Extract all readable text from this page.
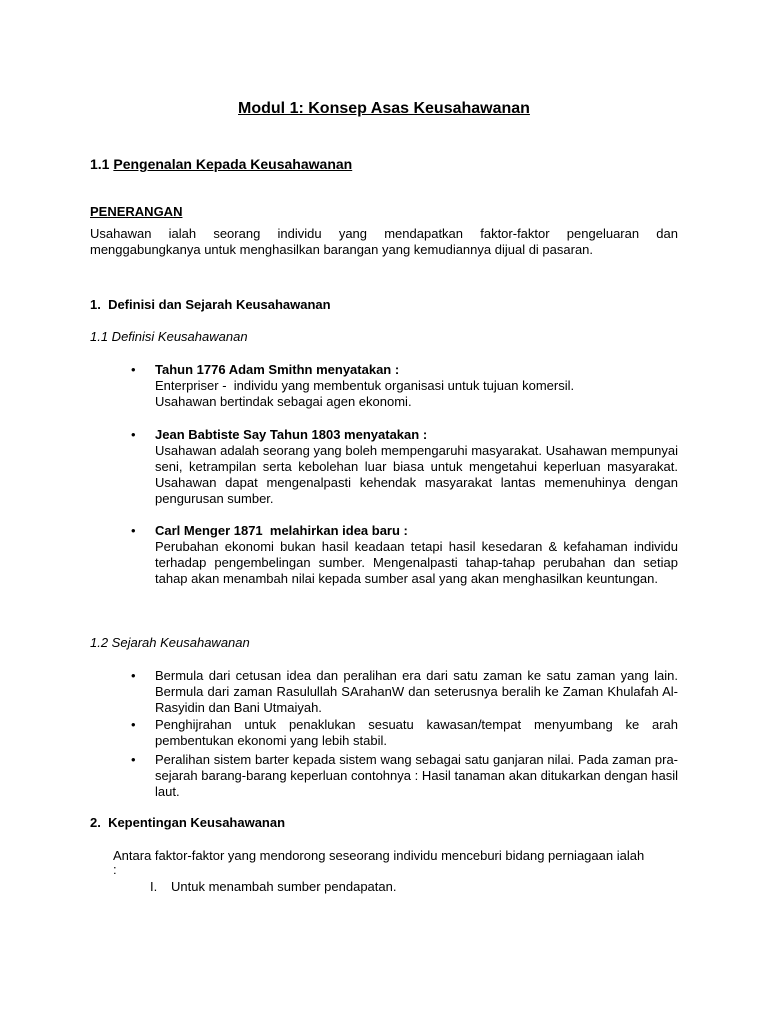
Modul 1: Konsep Asas Keusahawanan
1.1 Pengenalan Kepada Keusahawanan
PENERANGAN
Usahawan ialah seorang individu yang mendapatkan faktor-faktor pengeluaran dan menggabungkanya untuk menghasilkan barangan yang kemudiannya dijual di pasaran.
1.  Definisi dan Sejarah Keusahawanan
1.1 Definisi Keusahawanan
•	Tahun 1776 Adam Smithn menyatakan :
Enterpriser -  individu yang membentuk organisasi untuk tujuan komersil.
Usahawan bertindak sebagai agen ekonomi.
•	Jean Babtiste Say Tahun 1803 menyatakan :
Usahawan adalah seorang yang boleh mempengaruhi masyarakat. Usahawan mempunyai seni, ketrampilan serta kebolehan luar biasa untuk mengetahui keperluan masyarakat. Usahawan dapat mengenalpasti kehendak masyarakat lantas memenuhinya dengan pengurusan sumber.
•	Carl Menger 1871  melahirkan idea baru :
Perubahan ekonomi bukan hasil keadaan tetapi hasil kesedaran & kefahaman individu terhadap pengembelingan sumber. Mengenalpasti tahap-tahap perubahan dan setiap tahap akan menambah nilai kepada sumber asal yang akan menghasilkan keuntungan.
1.2 Sejarah Keusahawanan
•	Bermula dari cetusan idea dan peralihan era dari satu zaman ke satu zaman yang lain. Bermula dari zaman Rasulullah SArahanW dan seterusnya beralih ke Zaman Khulafah Al-Rasyidin dan Bani Utmaiyah.
•	Penghijrahan untuk penaklukan sesuatu kawasan/tempat menyumbang ke arah pembentukan ekonomi yang lebih stabil.
•	Peralihan sistem barter kepada sistem wang sebagai satu ganjaran nilai. Pada zaman pra-sejarah barang-barang keperluan contohnya : Hasil tanaman akan ditukarkan dengan hasil laut.
2.  Kepentingan Keusahawanan
Antara faktor-faktor yang mendorong seseorang individu menceburi bidang perniagaan ialah
:
I. Untuk menambah sumber pendapatan.
